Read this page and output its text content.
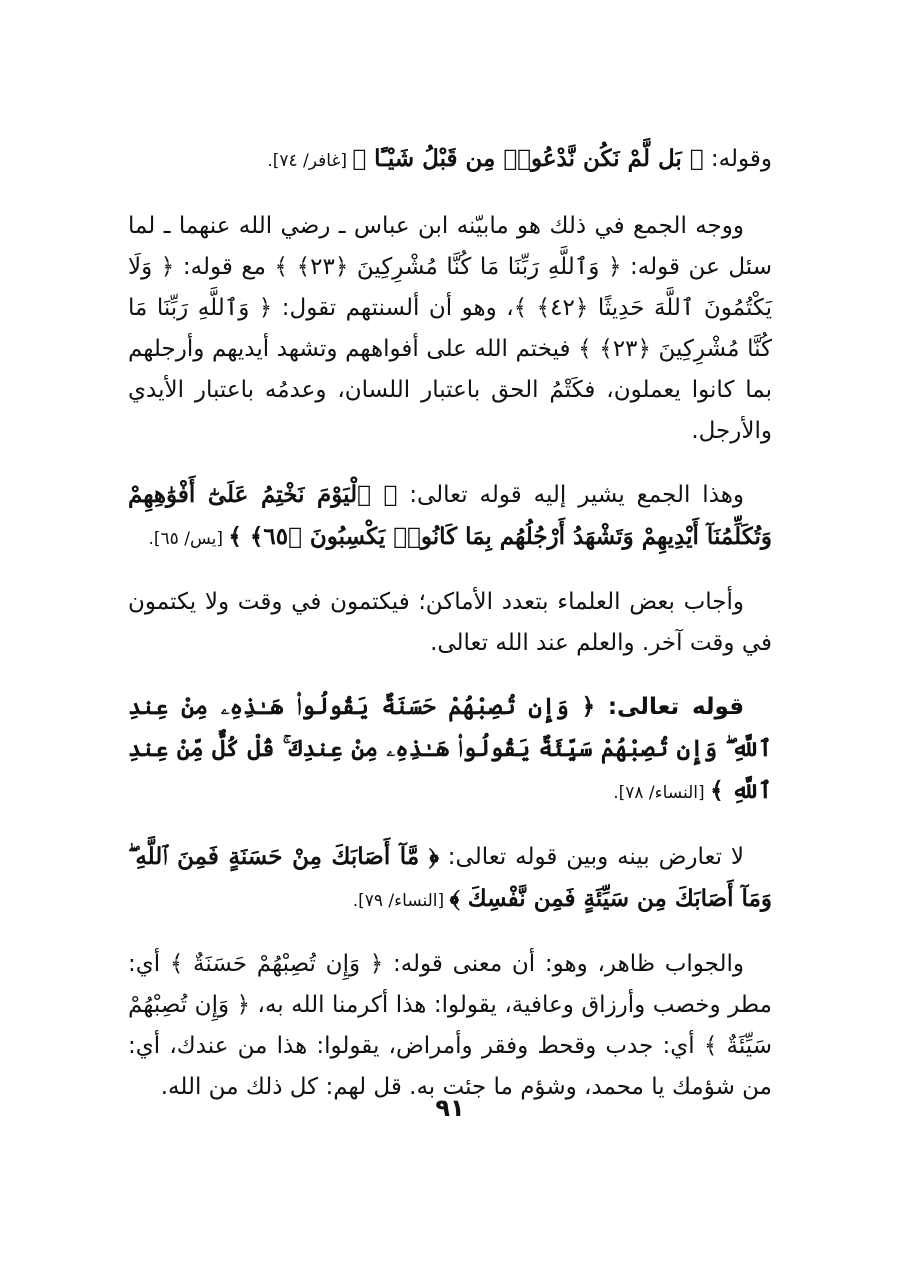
وقوله: ﴿ بَل لَّمْ نَكُن نَّدْعُوا۟ مِن قَبْلُ شَيْـًٔا ﴾ [غافر/ ٧٤].

ووجه الجمع في ذلك هو مابيّنه ابن عباس ـ رضي الله عنهما ـ لما سئل عن قوله: ﴿ وَٱللَّهِ رَبِّنَا مَا كُنَّا مُشْرِكِينَ ﴿٢٣﴾ ﴾ مع قوله: ﴿ وَلَا يَكْتُمُونَ ٱللَّهَ حَدِيثًا ﴿٤٢﴾ ﴾، وهو أن ألسنتهم تقول: ﴿ وَٱللَّهِ رَبِّنَا مَا كُنَّا مُشْرِكِينَ ﴿٢٣﴾ ﴾ فيختم الله على أفواههم وتشهد أيديهم وأرجلهم بما كانوا يعملون، فكَتْمُ الحق باعتبار اللسان، وعدمُه باعتبار الأيدي والأرجل.

وهذا الجمع يشير إليه قوله تعالى: ﴿ ٱلْيَوْمَ نَخْتِمُ عَلَىٰٓ أَفْوَٰهِهِمْ وَتُكَلِّمُنَآ أَيْدِيهِمْ وَتَشْهَدُ أَرْجُلُهُم بِمَا كَانُوا۟ يَكْسِبُونَ ﴿٦٥﴾ ﴾ [يس/ ٦٥].

وأجاب بعض العلماء بتعدد الأماكن؛ فيكتمون في وقت ولا يكتمون في وقت آخر. والعلم عند الله تعالى.

قوله تعالى: ﴿ وَإِن تُصِبْهُمْ حَسَنَةٌ يَقُولُوا۟ هَـٰذِهِۦ مِنْ عِندِ ٱللَّهِ ۖ وَإِن تُصِبْهُمْ سَيِّئَةٌ يَقُولُوا۟ هَـٰذِهِۦ مِنْ عِندِكَ ۚ قُلْ كُلٌّ مِّنْ عِندِ ٱللَّهِ ﴾ [النساء/ ٧٨].

لا تعارض بينه وبين قوله تعالى: ﴿ مَّآ أَصَابَكَ مِنْ حَسَنَةٍ فَمِنَ ٱللَّهِ ۖ وَمَآ أَصَابَكَ مِن سَيِّئَةٍ فَمِن نَّفْسِكَ ﴾ [النساء/ ٧٩].

والجواب ظاهر، وهو: أن معنى قوله: ﴿ وَإِن تُصِبْهُمْ حَسَنَةٌ ﴾ أي: مطر وخصب وأرزاق وعافية، يقولوا: هذا أكرمنا الله به، ﴿ وَإِن تُصِبْهُمْ سَيِّئَةٌ ﴾ أي: جدب وقحط وفقر وأمراض، يقولوا: هذا من عندك، أي: من شؤمك يا محمد، وشؤم ما جئت به. قل لهم: كل ذلك من الله.

٩١
